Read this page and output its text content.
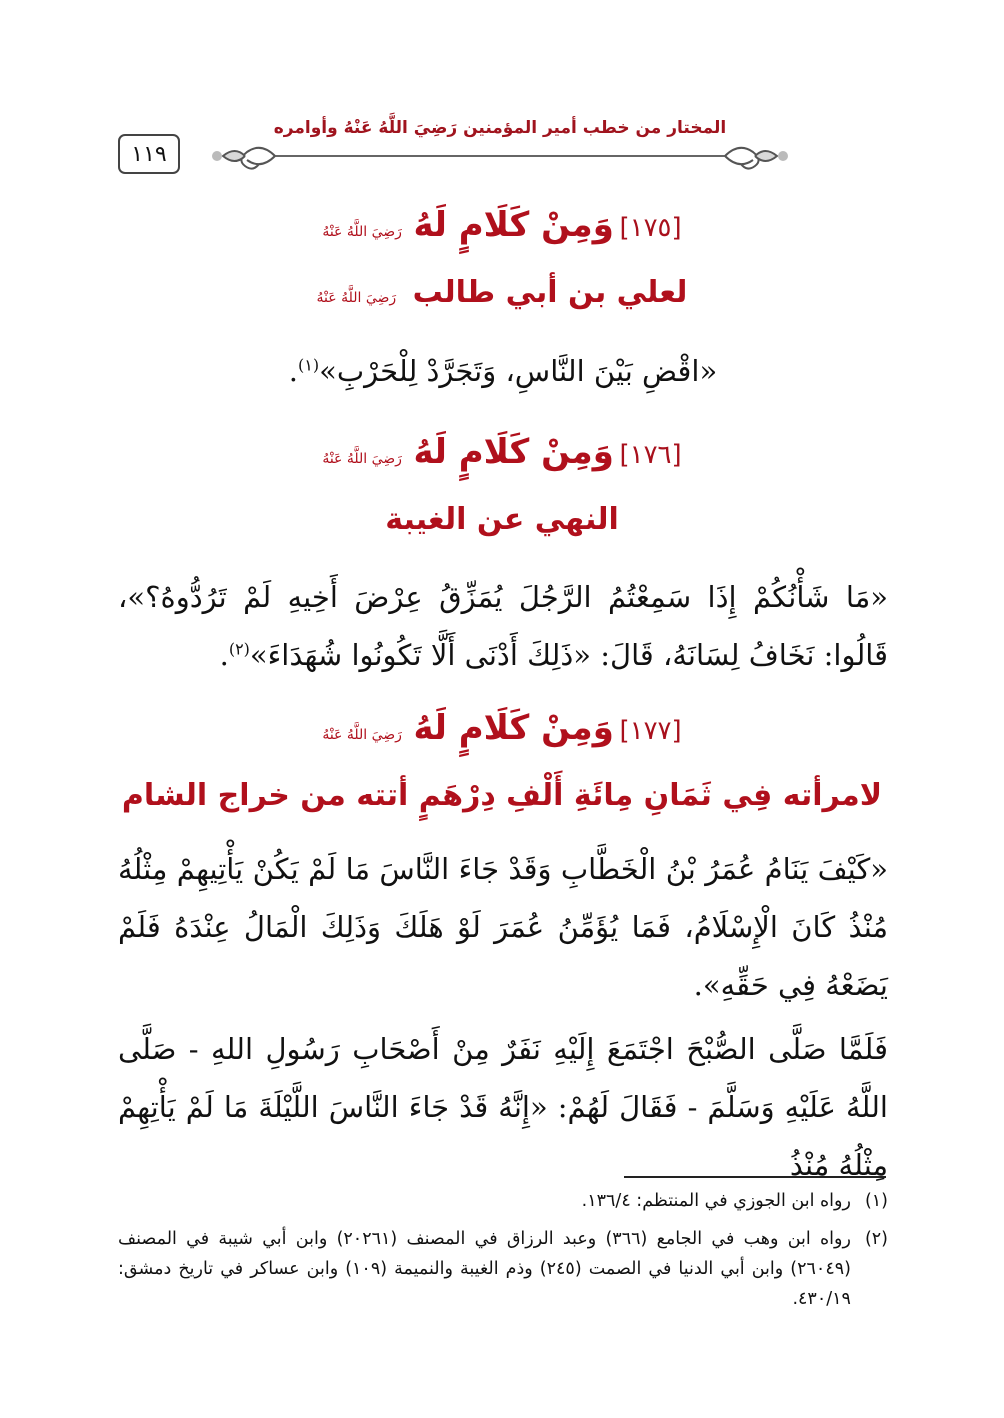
المختار من خطب أمير المؤمنين رَضِيَ اللَّهُ عَنْهُ وأوامره
١١٩
[١٧٥] وَمِنْ كَلَامٍ لَهُ رَضِيَ اللَّهُ عَنْهُ
لعلي بن أبي طالب رَضِيَ اللَّهُ عَنْهُ
«اقْضِ بَيْنَ النَّاسِ، وَتَجَرَّدْ لِلْحَرْبِ»$^{(١)}$.
[١٧٦] وَمِنْ كَلَامٍ لَهُ رَضِيَ اللَّهُ عَنْهُ
النهي عن الغيبة
«مَا شَأْنُكُمْ إِذَا سَمِعْتُمُ الرَّجُلَ يُمَزِّقُ عِرْضَ أَخِيهِ لَمْ تَرُدُّوهُ؟»، قَالُوا: نَخَافُ لِسَانَهُ، قَالَ: «ذَلِكَ أَدْنَى أَلَّا تَكُونُوا شُهَدَاءَ»$^{(٢)}$.
[١٧٧] وَمِنْ كَلَامٍ لَهُ رَضِيَ اللَّهُ عَنْهُ
لامرأته فِي ثَمَانِ مِائَةِ أَلْفِ دِرْهَمٍ أتته من خراج الشام
«كَيْفَ يَنَامُ عُمَرُ بْنُ الْخَطَّابِ وَقَدْ جَاءَ النَّاسَ مَا لَمْ يَكُنْ يَأْتِيهِمْ مِثْلُهُ مُنْذُ كَانَ الْإِسْلَامُ، فَمَا يُؤَمِّنُ عُمَرَ لَوْ هَلَكَ وَذَلِكَ الْمَالُ عِنْدَهُ فَلَمْ يَضَعْهُ فِي حَقِّهِ».
فَلَمَّا صَلَّى الصُّبْحَ اجْتَمَعَ إِلَيْهِ نَفَرٌ مِنْ أَصْحَابِ رَسُولِ اللهِ - صَلَّى اللَّهُ عَلَيْهِ وَسَلَّمَ - فَقَالَ لَهُمْ: «إِنَّهُ قَدْ جَاءَ النَّاسَ اللَّيْلَةَ مَا لَمْ يَأْتِهِمْ مِثْلُهُ مُنْذُ
(١)
رواه ابن الجوزي في المنتظم: ١٣٦/٤.
(٢)
رواه ابن وهب في الجامع (٣٦٦) وعبد الرزاق في المصنف (٢٠٢٦١) وابن أبي شيبة في المصنف (٢٦٠٤٩) وابن أبي الدنيا في الصمت (٢٤٥) وذم الغيبة والنميمة (١٠٩) وابن عساكر في تاريخ دمشق: ٤٣٠/١٩.
